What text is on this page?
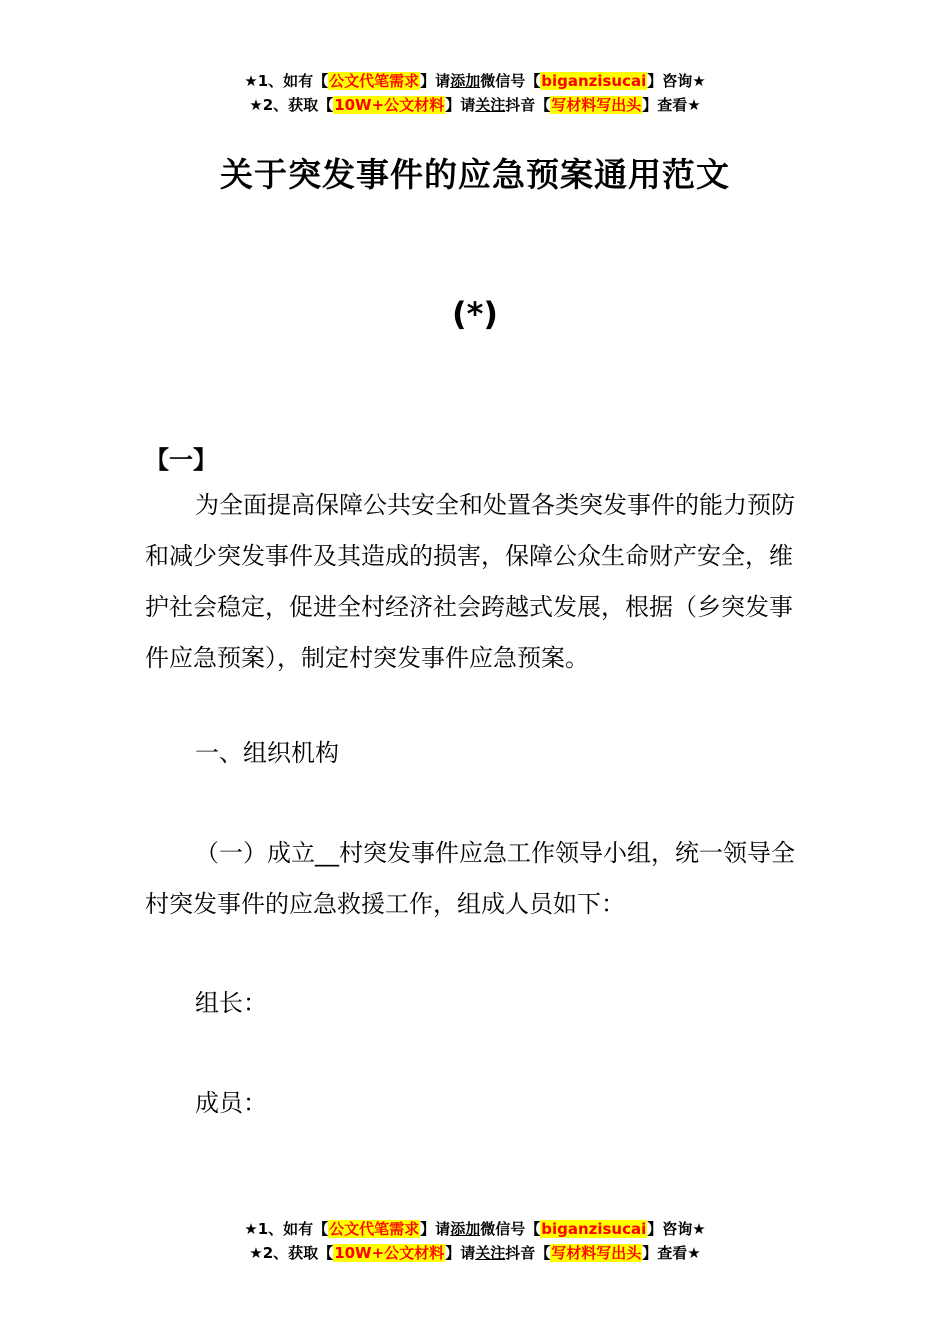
★1、如有【公文代笔需求】请添加微信号【biganzisucai】咨询★
★2、获取【10W+公文材料】请关注抖音【写材料写出头】查看★
关于突发事件的应急预案通用范文
(*)
【一】
为全面提高保障公共安全和处置各类突发事件的能力预防和减少突发事件及其造成的损害，保障公众生命财产安全，维护社会稳定，促进全村经济社会跨越式发展，根据（乡突发事件应急预案），制定村突发事件应急预案。
一、组织机构
（一）成立__村突发事件应急工作领导小组，统一领导全村突发事件的应急救援工作，组成人员如下：
组长：
成员：
★1、如有【公文代笔需求】请添加微信号【biganzisucai】咨询★
★2、获取【10W+公文材料】请关注抖音【写材料写出头】查看★
